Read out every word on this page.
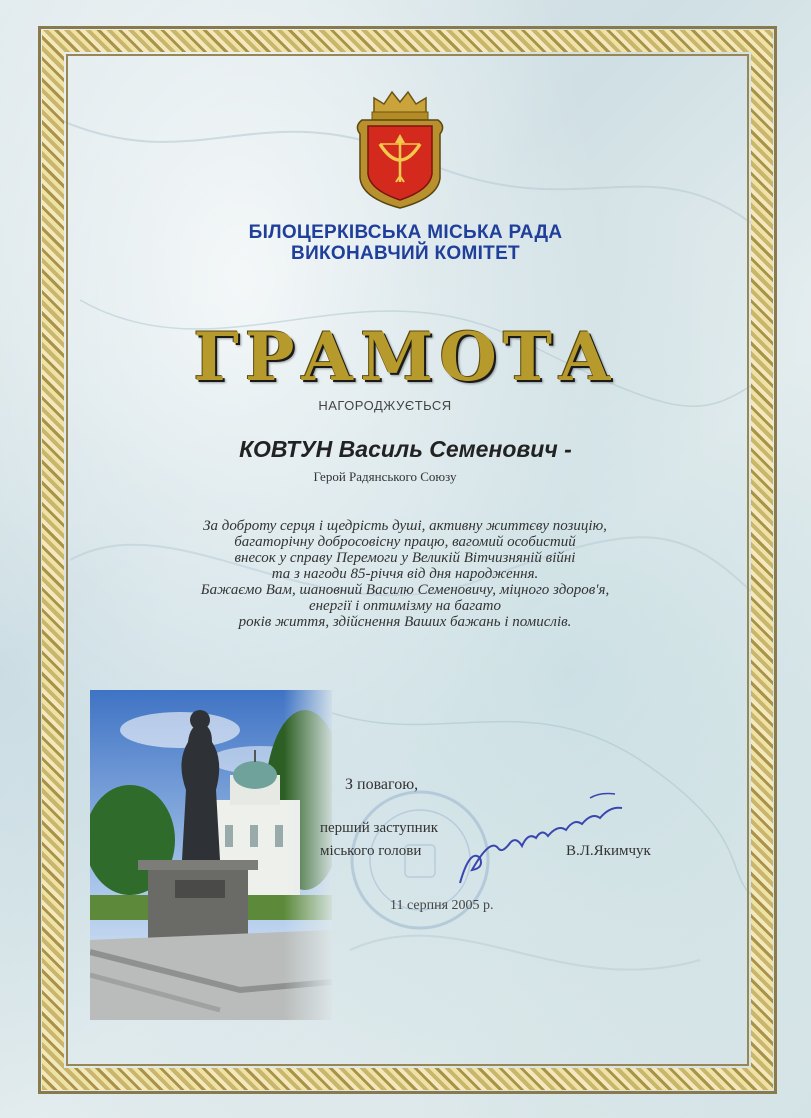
БІЛОЦЕРКІВСЬКА МІСЬКА РАДА
ВИКОНАВЧИЙ КОМІТЕТ
ГРАМОТА
НАГОРОДЖУЄТЬСЯ
КОВТУН Василь Семенович -
Герой Радянського Союзу
За доброту серця і щедрість душі, активну життєву позицію,
багаторічну добросовісну працю, вагомий особистий
внесок у справу Перемоги у Великій Вітчизняній війні
та з нагоди 85-річчя від дня народження.
Бажаємо Вам, шановний Василю Семеновичу, міцного здоров'я,
енергії і оптимізму на багато
років життя, здійснення Ваших бажань і помислів.
З повагою,
перший заступник
міського голови	В.Л.Якимчук
11 серпня 2005 р.
